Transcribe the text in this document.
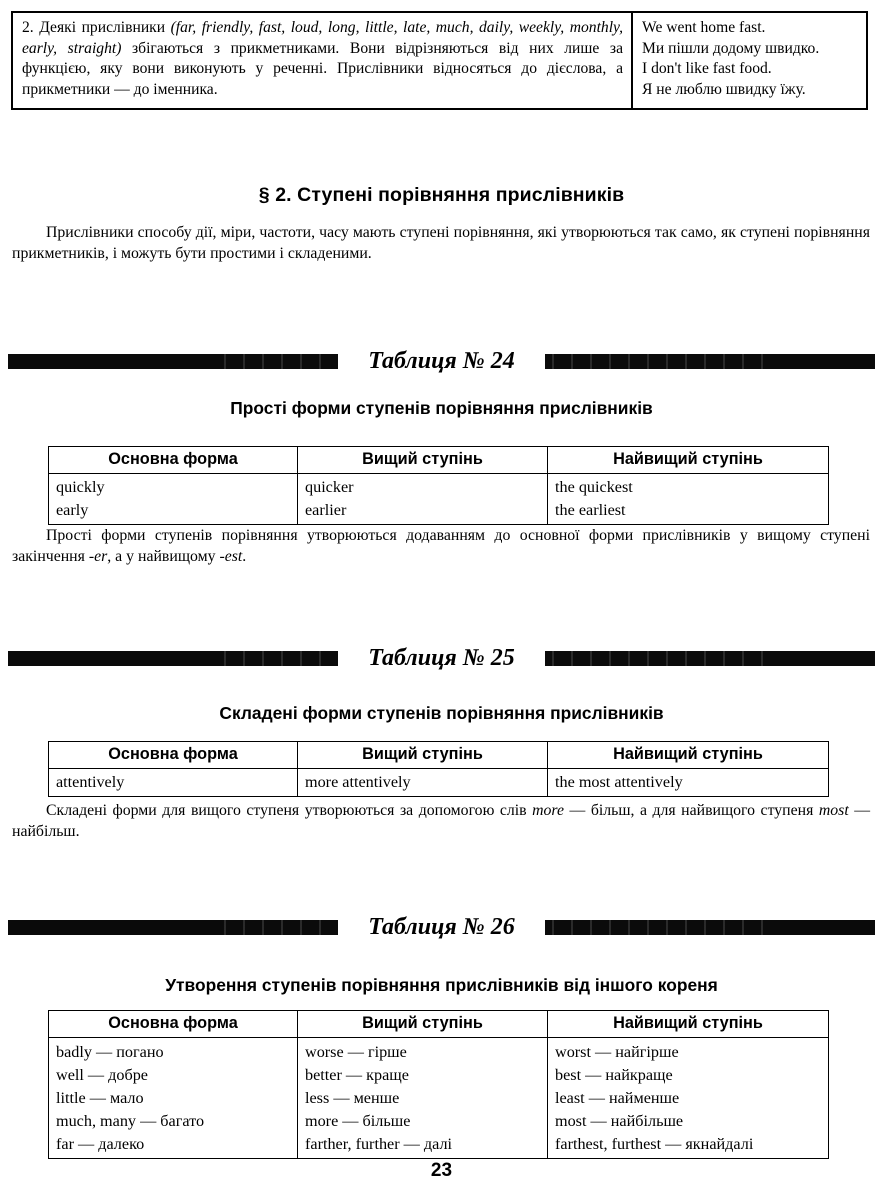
2. Деякі прислівники (far, friendly, fast, loud, long, little, late, much, daily, weekly, monthly, early, straight) збігаються з прикметниками. Вони відрізняються від них лише за функцією, яку вони виконують у реченні. Прислівники відносяться до дієслова, а прикметники — до іменника.
We went home fast.
Ми пішли додому швидко.
I don't like fast food.
Я не люблю швидку їжу.
§ 2. Ступені порівняння прислівників
Прислівники способу дії, міри, частоти, часу мають ступені порівняння, які утворюються так само, як ступені порівняння прикметників, і можуть бути простими і складеними.
Таблиця № 24
Прості форми ступенів порівняння прислівників
Основна форма	Вищий ступінь	Найвищий ступінь
quickly	quicker	the quickest
early	earlier	the earliest
Прості форми ступенів порівняння утворюються додаванням до основної форми прислівників у вищому ступені закінчення -er, а у найвищому -est.
Таблиця № 25
Складені форми ступенів порівняння прислівників
Основна форма	Вищий ступінь	Найвищий ступінь
attentively	more attentively	the most attentively
Складені форми для вищого ступеня утворюються за допомогою слів more — більш, а для найвищого ступеня most — найбільш.
Таблиця № 26
Утворення ступенів порівняння прислівників від іншого кореня
Основна форма	Вищий ступінь	Найвищий ступінь
badly — погано	worse — гірше	worst — найгірше
well — добре	better — краще	best — найкраще
little — мало	less — менше	least — найменше
much, many — багато	more — більше	most — найбільше
far — далеко	farther, further — далі	farthest, furthest — якнайдалі
23
